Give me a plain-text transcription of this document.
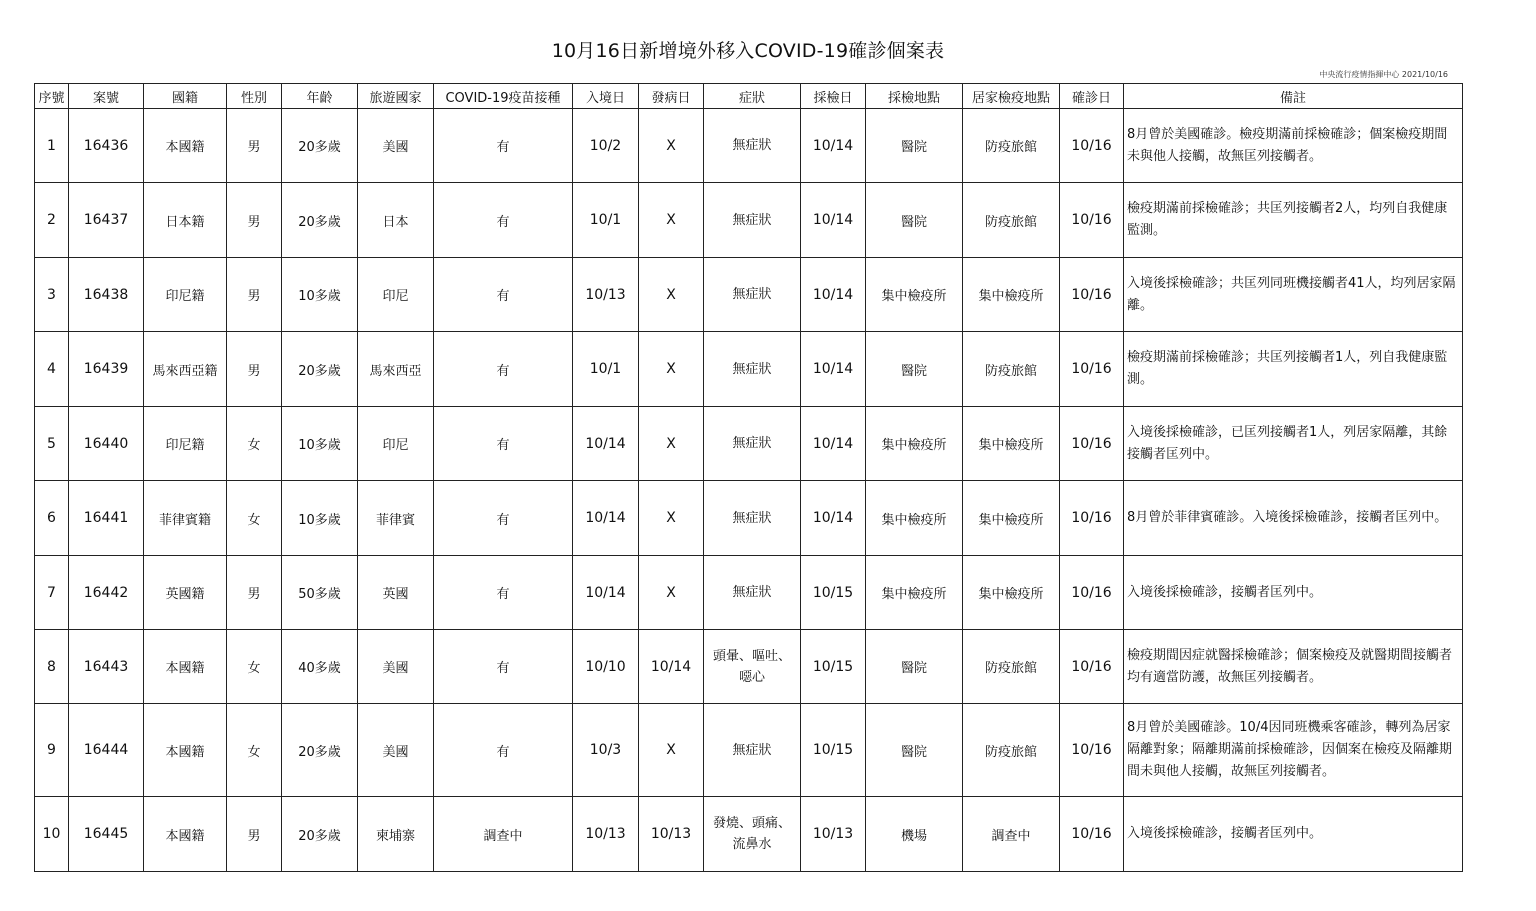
10月16日新增境外移入COVID-19確診個案表
中央流行疫情指揮中心 2021/10/16
序號	案號	國籍	性別	年齡	旅遊國家	COVID-19疫苗接種	入境日	發病日	症狀	採檢日	採檢地點	居家檢疫地點	確診日	備註
1	16436	本國籍	男	20多歲	美國	有	10/2	X	無症狀	10/14	醫院	防疫旅館	10/16	8月曾於美國確診。檢疫期滿前採檢確診；個案檢疫期間未與他人接觸，故無匡列接觸者。
2	16437	日本籍	男	20多歲	日本	有	10/1	X	無症狀	10/14	醫院	防疫旅館	10/16	檢疫期滿前採檢確診；共匡列接觸者2人，均列自我健康監測。
3	16438	印尼籍	男	10多歲	印尼	有	10/13	X	無症狀	10/14	集中檢疫所	集中檢疫所	10/16	入境後採檢確診；共匡列同班機接觸者41人，均列居家隔離。
4	16439	馬來西亞籍	男	20多歲	馬來西亞	有	10/1	X	無症狀	10/14	醫院	防疫旅館	10/16	檢疫期滿前採檢確診；共匡列接觸者1人，列自我健康監測。
5	16440	印尼籍	女	10多歲	印尼	有	10/14	X	無症狀	10/14	集中檢疫所	集中檢疫所	10/16	入境後採檢確診，已匡列接觸者1人，列居家隔離，其餘接觸者匡列中。
6	16441	菲律賓籍	女	10多歲	菲律賓	有	10/14	X	無症狀	10/14	集中檢疫所	集中檢疫所	10/16	8月曾於菲律賓確診。入境後採檢確診，接觸者匡列中。
7	16442	英國籍	男	50多歲	英國	有	10/14	X	無症狀	10/15	集中檢疫所	集中檢疫所	10/16	入境後採檢確診，接觸者匡列中。
8	16443	本國籍	女	40多歲	美國	有	10/10	10/14	頭暈、嘔吐、噁心	10/15	醫院	防疫旅館	10/16	檢疫期間因症就醫採檢確診；個案檢疫及就醫期間接觸者均有適當防護，故無匡列接觸者。
9	16444	本國籍	女	20多歲	美國	有	10/3	X	無症狀	10/15	醫院	防疫旅館	10/16	8月曾於美國確診。10/4因同班機乘客確診，轉列為居家隔離對象；隔離期滿前採檢確診，因個案在檢疫及隔離期間未與他人接觸，故無匡列接觸者。
10	16445	本國籍	男	20多歲	柬埔寨	調查中	10/13	10/13	發燒、頭痛、流鼻水	10/13	機場	調查中	10/16	入境後採檢確診，接觸者匡列中。
